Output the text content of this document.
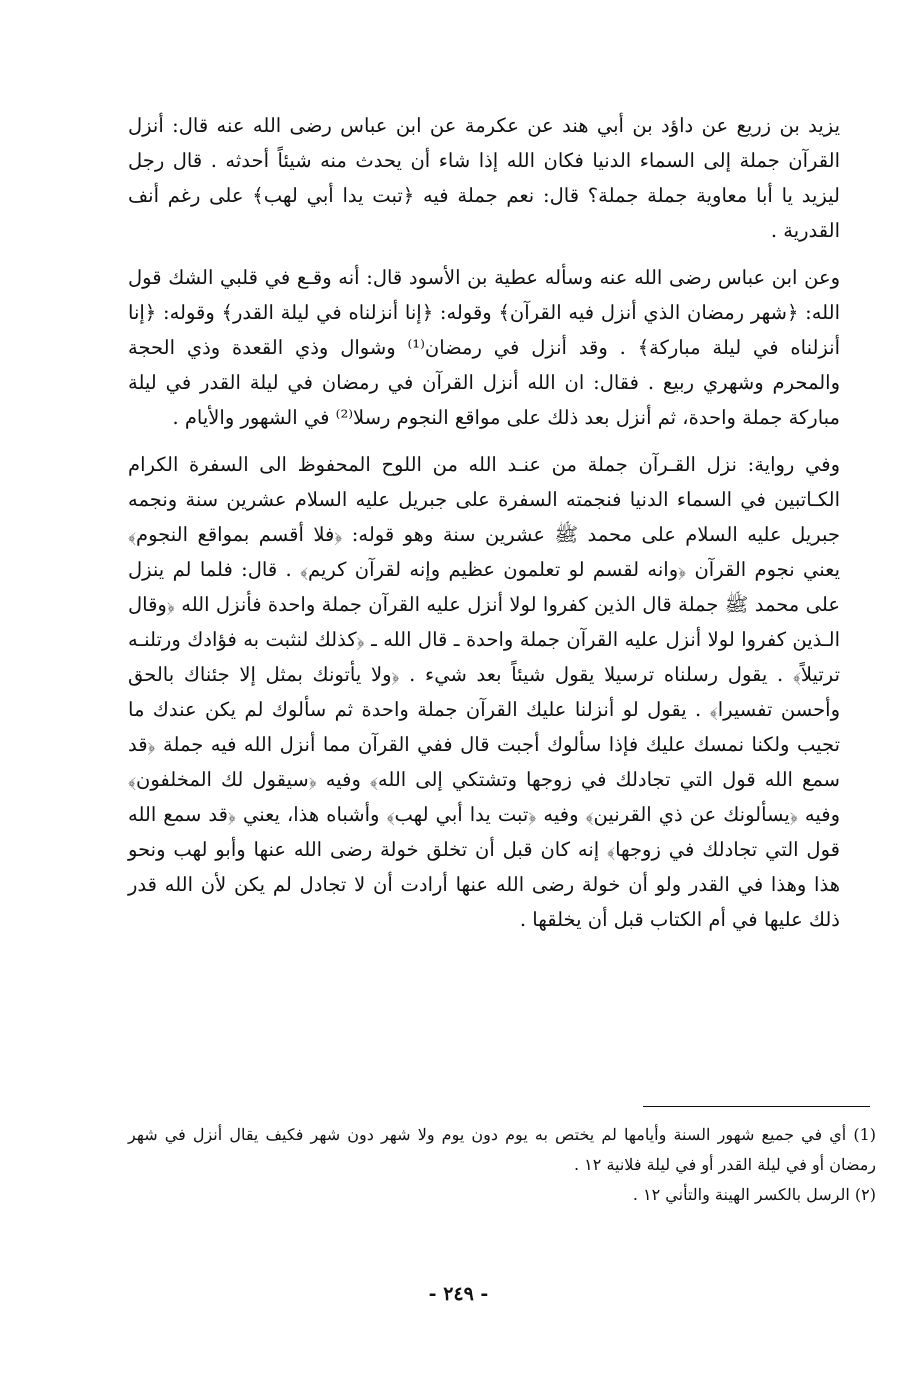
يزيد بن زريع عن داؤد بن أبي هند عن عكرمة عن ابن عباس رضى الله عنه قال: أنزل القرآن جملة إلى السماء الدنيا فكان الله إذا شاء أن يحدث منه شيئاً أحدثه . قال رجل ليزيد يا أبا معاوية جملة جملة؟ قال: نعم جملة فيه ﴿تبت يدا أبي لهب﴾ على رغم أنف القدرية .

وعن ابن عباس رضى الله عنه وسأله عطية بن الأسود قال: أنه وقـع في قلبي الشك قول الله: ﴿شهر رمضان الذي أنزل فيه القرآن﴾ وقوله: ﴿إنا أنزلناه في ليلة القدر﴾ وقوله: ﴿إنا أنزلناه في ليلة مباركة﴾ . وقد أنزل في رمضان⁽¹⁾ وشوال وذي القعدة وذي الحجة والمحرم وشهري ربيع . فقال: ان الله أنزل القرآن في رمضان في ليلة القدر في ليلة مباركة جملة واحدة، ثم أنزل بعد ذلك على مواقع النجوم رسلا⁽²⁾ في الشهور والأيام .

وفي رواية: نزل القـرآن جملة من عنـد الله من اللوح المحفوظ الى السفرة الكرام الكـاتبين في السماء الدنيا فنجمته السفرة على جبريل عليه السلام عشرين سنة ونجمه جبريل عليه السلام على محمد ﷺ عشرين سنة وهو قوله: ﴿فلا أقسم بمواقع النجوم﴾ يعني نجوم القرآن ﴿وانه لقسم لو تعلمون عظيم وإنه لقرآن كريم﴾ . قال: فلما لم ينزل على محمد ﷺ جملة قال الذين كفروا لولا أنزل عليه القرآن جملة واحدة فأنزل الله ﴿وقال الـذين كفروا لولا أنزل عليه القرآن جملة واحدة ـ قال الله ـ ﴿كذلك لنثبت به فؤادك ورتلنـه ترتيلاً﴾ . يقول رسلناه ترسيلا يقول شيئاً بعد شيء . ﴿ولا يأتونك بمثل إلا جئناك بالحق وأحسن تفسيرا﴾ . يقول لو أنزلنا عليك القرآن جملة واحدة ثم سألوك لم يكن عندك ما تجيب ولكنا نمسك عليك فإذا سألوك أجبت قال ففي القرآن مما أنزل الله فيه جملة ﴿قد سمع الله قول التي تجادلك في زوجها وتشتكي إلى الله﴾ وفيه ﴿سيقول لك المخلفون﴾ وفيه ﴿يسألونك عن ذي القرنين﴾ وفيه ﴿تبت يدا أبي لهب﴾ وأشباه هذا، يعني ﴿قد سمع الله قول التي تجادلك في زوجها﴾ إنه كان قبل أن تخلق خولة رضى الله عنها وأبو لهب ونحو هذا وهذا في القدر ولو أن خولة رضى الله عنها أرادت أن لا تجادل لم يكن لأن الله قدر ذلك عليها في أم الكتاب قبل أن يخلقها .

(1) أي في جميع شهور السنة وأيامها لم يختص به يوم دون يوم ولا شهر دون شهر فكيف يقال أنزل في شهر رمضان أو في ليلة القدر أو في ليلة فلانية ١٢ .

(٢) الرسل بالكسر الهينة والتأني ١٢ .

- ٢٤٩ -
